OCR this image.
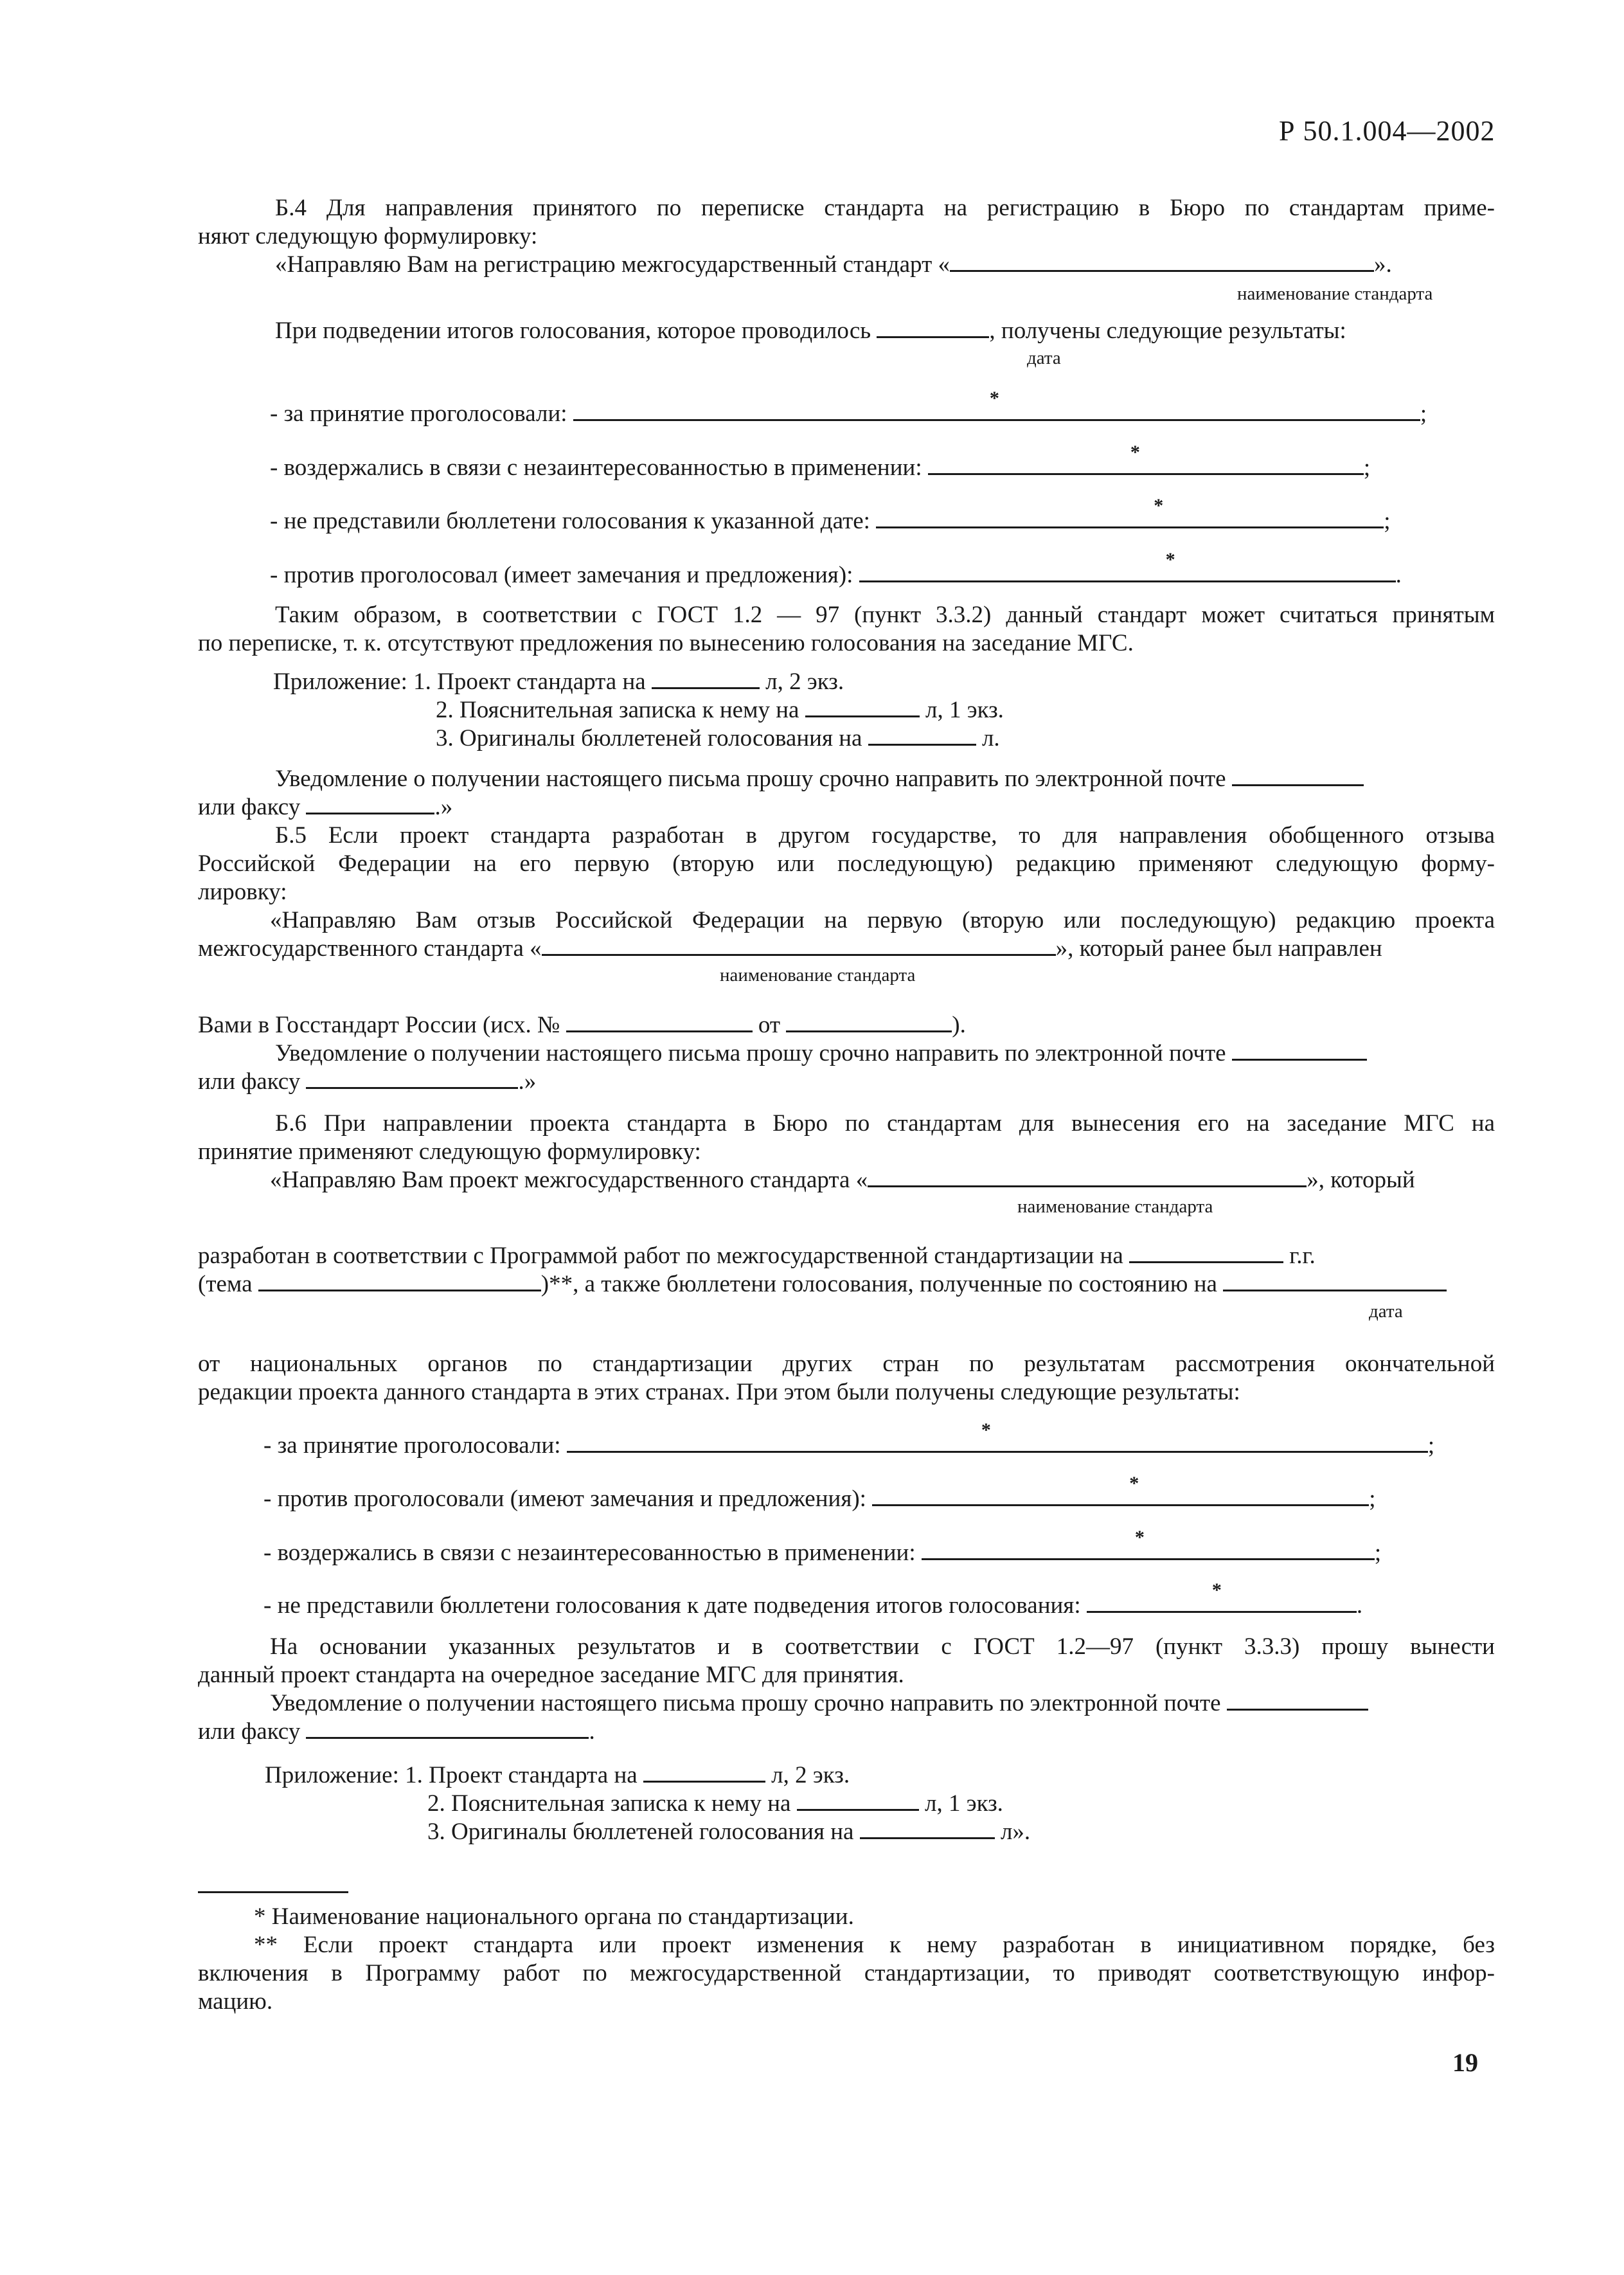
Р 50.1.004—2002
Б.4 Для направления принятого по переписке стандарта на регистрацию в Бюро по стандартам приме-
няют следующую формулировку:
«Направляю Вам на регистрацию межгосударственный стандарт «	».
наименование стандарта
При подведении итогов голосования, которое проводилось	, получены следующие результаты:
дата
- за принятие проголосовали:
*
;
- воздержались в связи с незаинтересованностью в применении:
*
;
- не представили бюллетени голосования к указанной дате:
*
;
- против проголосовал (имеет замечания и предложения):
*
.
Таким образом, в соответствии с ГОСТ 1.2 — 97 (пункт 3.3.2) данный стандарт может считаться принятым
по переписке, т. к. отсутствуют предложения по вынесению голосования на заседание МГС.
Приложение: 1. Проект стандарта на	л, 2 экз.
2. Пояснительная записка к нему на	л, 1 экз.
3. Оригиналы бюллетеней голосования на	л.
Уведомление о получении настоящего письма прошу срочно направить по электронной почте
или факсу	.»
Б.5 Если проект стандарта разработан в другом государстве, то для направления обобщенного отзыва
Российской Федерации на его первую (вторую или последующую) редакцию применяют следующую форму-
лировку:
«Направляю Вам отзыв Российской Федерации на первую (вторую или последующую) редакцию проекта
межгосударственного стандарта «	», который ранее был направлен
наименование стандарта
Вами в Госстандарт России (исх. №	от	).
Уведомление о получении настоящего письма прошу срочно направить по электронной почте
или факсу	.»
Б.6 При направлении проекта стандарта в Бюро по стандартам для вынесения его на заседание МГС на
принятие применяют следующую формулировку:
«Направляю Вам проект межгосударственного стандарта «	», который
наименование стандарта
разработан в соответствии с Программой работ по межгосударственной стандартизации на	г.г.
(тема	)**, а также бюллетени голосования, полученные по состоянию на
дата
от национальных органов по стандартизации других стран по результатам рассмотрения окончательной
редакции проекта данного стандарта в этих странах. При этом были получены следующие результаты:
- за принятие проголосовали:
*
;
- против проголосовали (имеют замечания и предложения):
*
;
- воздержались в связи с незаинтересованностью в применении:
*
;
- не представили бюллетени голосования к дате подведения итогов голосования:
*
.
На основании указанных результатов и в соответствии с ГОСТ 1.2—97 (пункт 3.3.3) прошу вынести
данный проект стандарта на очередное заседание МГС для принятия.
Уведомление о получении настоящего письма прошу срочно направить по электронной почте
или факсу	.
Приложение: 1. Проект стандарта на	л, 2 экз.
2. Пояснительная записка к нему на	л, 1 экз.
3. Оригиналы бюллетеней голосования на	л».
* Наименование национального органа по стандартизации.
** Если проект стандарта или проект изменения к нему разработан в инициативном порядке, без
включения в Программу работ по межгосударственной стандартизации, то приводят соответствующую инфор-
мацию.
19
